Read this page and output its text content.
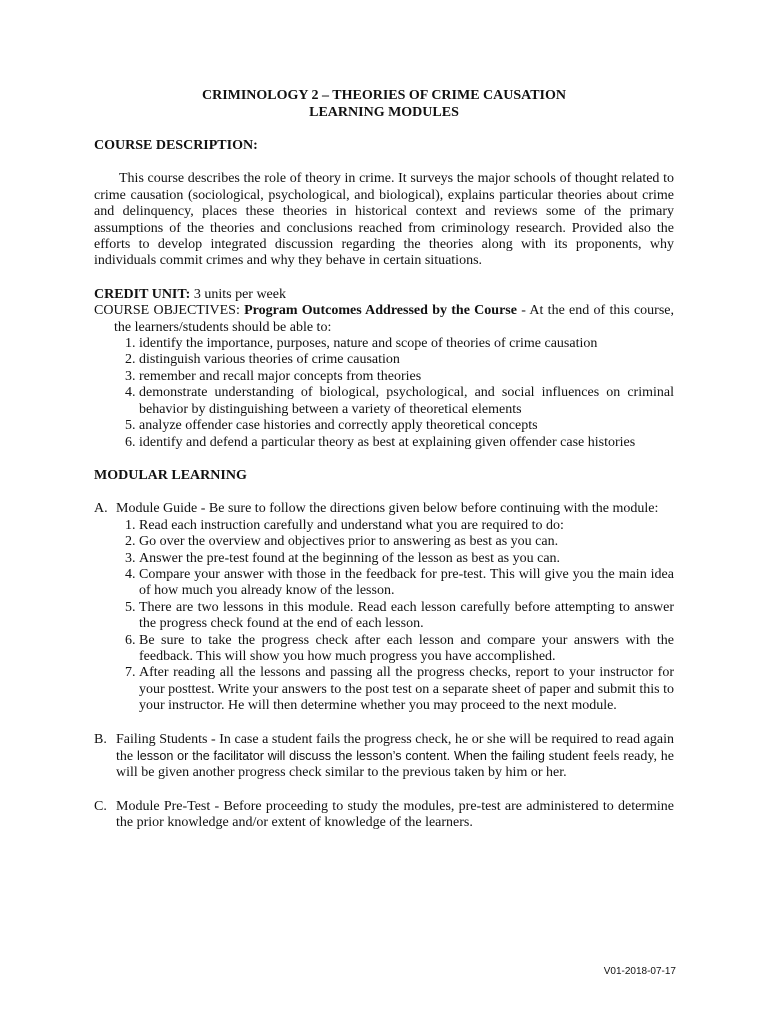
CRIMINOLOGY 2 – THEORIES OF CRIME CAUSATION
LEARNING MODULES

COURSE DESCRIPTION:

This course describes the role of theory in crime. It surveys the major schools of thought related to crime causation (sociological, psychological, and biological), explains particular theories about crime and delinquency, places these theories in historical context and reviews some of the primary assumptions of the theories and conclusions reached from criminology research. Provided also the efforts to develop integrated discussion regarding the theories along with its proponents, why individuals commit crimes and why they behave in certain situations.

CREDIT UNIT: 3 units per week

COURSE OBJECTIVES: Program Outcomes Addressed by the Course - At the end of this course, the learners/students should be able to:

1. identify the importance, purposes, nature and scope of theories of crime causation
2. distinguish various theories of crime causation
3. remember and recall major concepts from theories
4. demonstrate understanding of biological, psychological, and social influences on criminal behavior by distinguishing between a variety of theoretical elements
5. analyze offender case histories and correctly apply theoretical concepts
6. identify and defend a particular theory as best at explaining given offender case histories

MODULAR LEARNING

A. Module Guide - Be sure to follow the directions given below before continuing with the module:

1. Read each instruction carefully and understand what you are required to do:
2. Go over the overview and objectives prior to answering as best as you can.
3. Answer the pre-test found at the beginning of the lesson as best as you can.
4. Compare your answer with those in the feedback for pre-test. This will give you the main idea of how much you already know of the lesson.
5. There are two lessons in this module. Read each lesson carefully before attempting to answer the progress check found at the end of each lesson.
6. Be sure to take the progress check after each lesson and compare your answers with the feedback. This will show you how much progress you have accomplished.
7. After reading all the lessons and passing all the progress checks, report to your instructor for your posttest. Write your answers to the post test on a separate sheet of paper and submit this to your instructor. He will then determine whether you may proceed to the next module.
B. Failing Students - In case a student fails the progress check, he or she will be required to read again the lesson or the facilitator will discuss the lesson’s content. When the failing student feels ready, he will be given another progress check similar to the previous taken by him or her.

C. Module Pre-Test - Before proceeding to study the modules, pre-test are administered to determine the prior knowledge and/or extent of knowledge of the learners.

V01-2018-07-17
